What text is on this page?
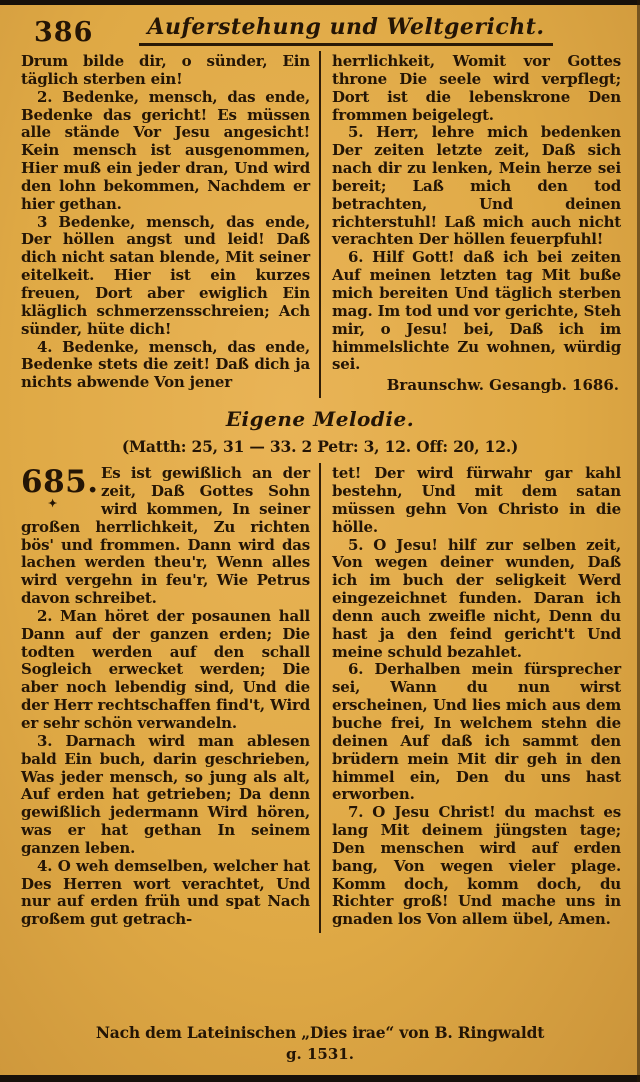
386	Auferstehung und Weltgericht.

Drum bilde dir, o sünder, Ein täglich sterben ein!

2. Bedenke, mensch, das ende, Bedenke das gericht! Es müssen alle stände Vor Jesu angesicht! Kein mensch ist ausgenommen, Hier muß ein jeder dran, Und wird den lohn bekommen, Nachdem er hier gethan.

3 Bedenke, mensch, das ende, Der höllen angst und leid! Daß dich nicht satan blende, Mit seiner eitelkeit. Hier ist ein kurzes freuen, Dort aber ewiglich Ein kläglich schmerzensschreien; Ach sünder, hüte dich!

4. Bedenke, mensch, das ende, Bedenke stets die zeit! Daß dich ja nichts abwende Von jener

herrlichkeit, Womit vor Gottes throne Die seele wird verpflegt; Dort ist die lebenskrone Den frommen beigelegt.

5. Herr, lehre mich bedenken Der zeiten letzte zeit, Daß sich nach dir zu lenken, Mein herze sei bereit; Laß mich den tod betrachten, Und deinen richterstuhl! Laß mich auch nicht verachten Der höllen feuerpfuhl!

6. Hilf Gott! daß ich bei zeiten Auf meinen letzten tag Mit buße mich bereiten Und täglich sterben mag. Im tod und vor gerichte, Steh mir, o Jesu! bei, Daß ich im himmelslichte Zu wohnen, würdig sei.

Braunschw. Gesangb. 1686.

Eigene Melodie.
(Matth: 25, 31 — 33. 2 Petr: 3, 12. Off: 20, 12.)

685.
✦
Es ist gewißlich an der zeit, Daß Gottes Sohn wird kommen, In seiner großen herrlichkeit, Zu richten bös' und frommen. Dann wird das lachen werden theu'r, Wenn alles wird vergehn in feu'r, Wie Petrus davon schreibet.

2. Man höret der posaunen hall Dann auf der ganzen erden; Die todten werden auf den schall Sogleich erwecket werden; Die aber noch lebendig sind, Und die der Herr rechtschaffen find't, Wird er sehr schön verwandeln.

3. Darnach wird man ablesen bald Ein buch, darin geschrieben, Was jeder mensch, so jung als alt, Auf erden hat getrieben; Da denn gewißlich jedermann Wird hören, was er hat gethan In seinem ganzen leben.

4. O weh demselben, welcher hat Des Herren wort verachtet, Und nur auf erden früh und spat Nach großem gut getrach-

tet! Der wird fürwahr gar kahl bestehn, Und mit dem satan müssen gehn Von Christo in die hölle.

5. O Jesu! hilf zur selben zeit, Von wegen deiner wunden, Daß ich im buch der seligkeit Werd eingezeichnet funden. Daran ich denn auch zweifle nicht, Denn du hast ja den feind gericht't Und meine schuld bezahlet.

6. Derhalben mein fürsprecher sei, Wann du nun wirst erscheinen, Und lies mich aus dem buche frei, In welchem stehn die deinen Auf daß ich sammt den brüdern mein Mit dir geh in den himmel ein, Den du uns hast erworben.

7. O Jesu Christ! du machst es lang Mit deinem jüngsten tage; Den menschen wird auf erden bang, Von wegen vieler plage. Komm doch, komm doch, du Richter groß! Und mache uns in gnaden los Von allem übel, Amen.

Nach dem Lateinischen „Dies irae“ von B. Ringwaldt
g. 1531.
